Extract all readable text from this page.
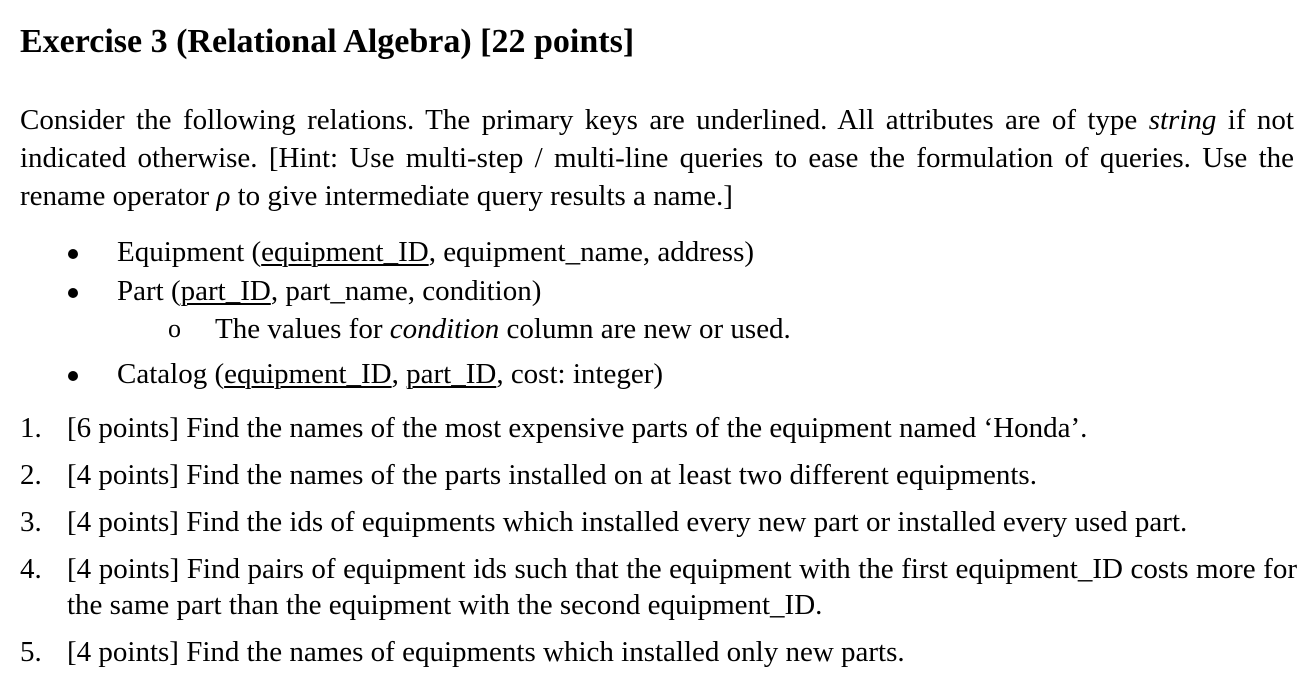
Exercise 3 (Relational Algebra) [22 points]
Consider the following relations. The primary keys are underlined. All attributes are of type string if not indicated otherwise. [Hint: Use multi-step / multi-line queries to ease the formulation of queries. Use the rename operator ρ to give intermediate query results a name.]
Equipment (equipment_ID, equipment_name, address)
Part (part_ID, part_name, condition)
o The values for condition column are new or used.
Catalog (equipment_ID, part_ID, cost: integer)
1. [6 points] Find the names of the most expensive parts of the equipment named ‘Honda’.
2. [4 points] Find the names of the parts installed on at least two different equipments.
3. [4 points] Find the ids of equipments which installed every new part or installed every used part.
4. [4 points] Find pairs of equipment ids such that the equipment with the first equipment_ID costs more for the same part than the equipment with the second equipment_ID.
5. [4 points] Find the names of equipments which installed only new parts.
